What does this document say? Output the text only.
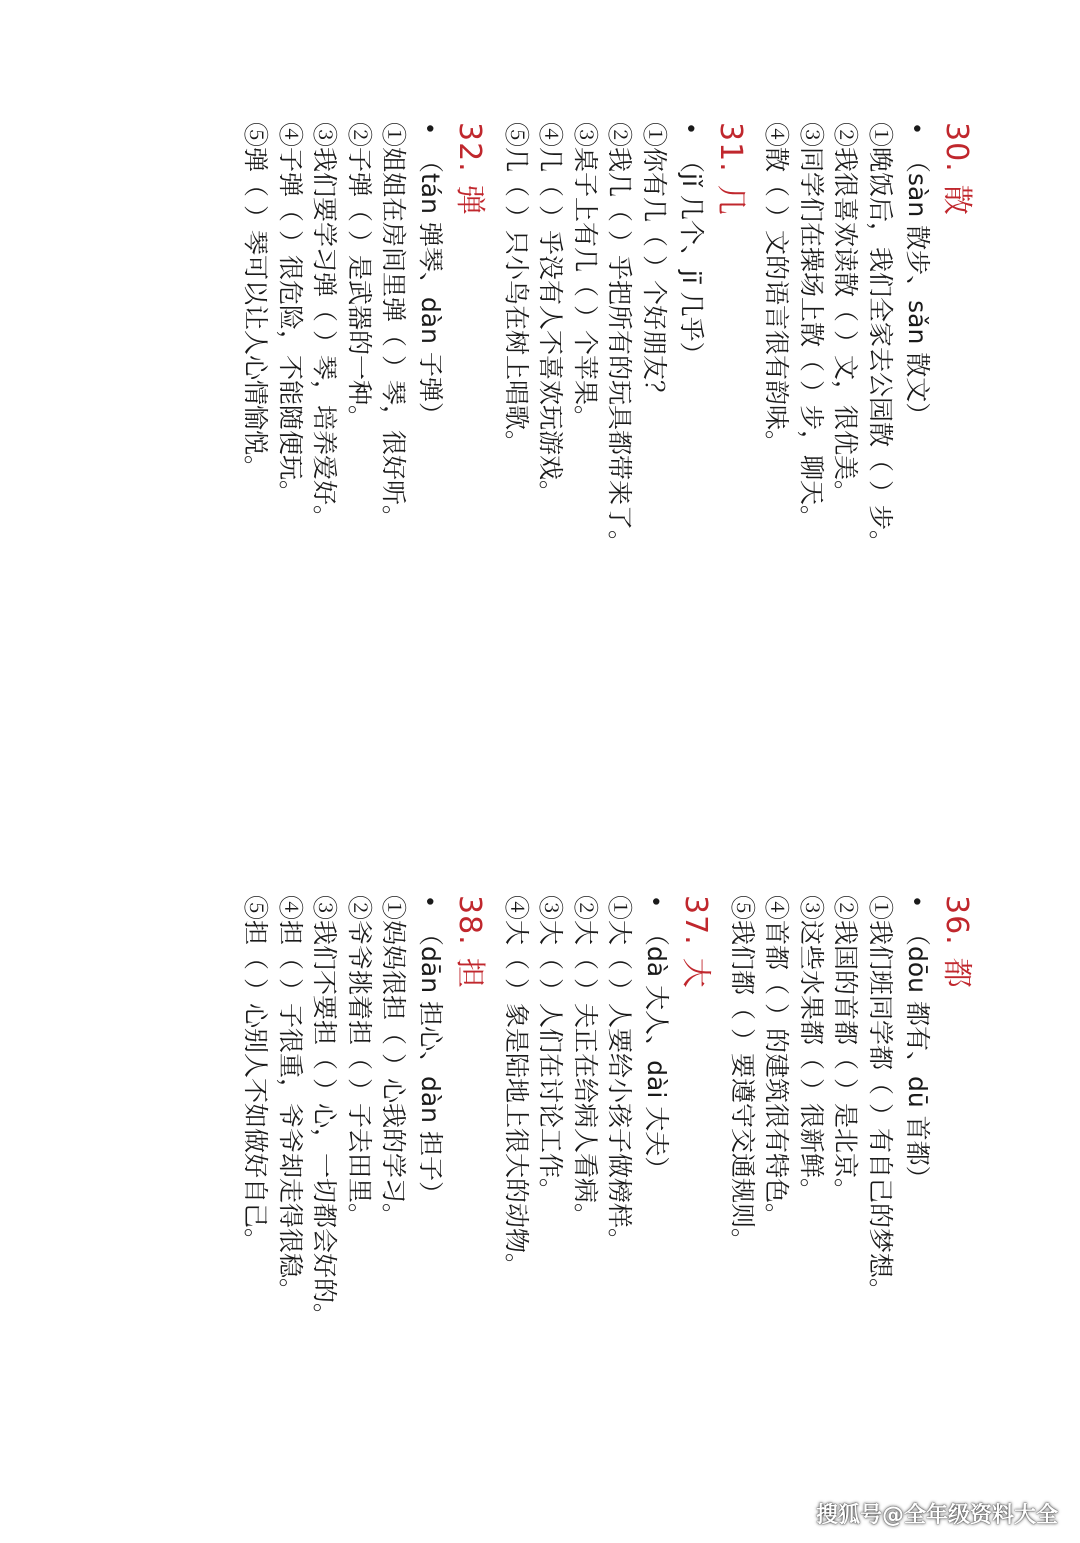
30.散
•（sàn 散步、sǎn 散文）
①晚饭后，我们全家去公园散（ ）步。
②我很喜欢读散（ ）文，很优美。
③同学们在操场上散（ ）步，聊天。
④散（ ）文的语言很有韵味。
31.几
•（jǐ 几个、jī 几乎）
①你有几（ ）个好朋友？
②我几（ ）乎把所有的玩具都带来了。
③桌子上有几（ ）个苹果。
④几（ ）乎没有人不喜欢玩游戏。
⑤几（ ）只小鸟在树上唱歌。
32.弹
•（tán 弹琴、dàn 子弹）
①姐姐在房间里弹（ ）琴，很好听。
②子弹（ ）是武器的一种。
③我们要学习弹（ ）琴，培养爱好。
④子弹（ ）很危险，不能随便玩。
⑤弹（ ）琴可以让人心情愉悦。
36.都
•（dōu 都有、dū 首都）
①我们班同学都（ ）有自己的梦想。
②我国的首都（ ）是北京。
③这些水果都（ ）很新鲜。
④首都（ ）的建筑很有特色。
⑤我们都（ ）要遵守交通规则。
37.大
•（dà 大人、dài 大夫）
①大（ ）人要给小孩子做榜样。
②大（ ）夫正在给病人看病。
③大（ ）人们在讨论工作。
④大（ ）象是陆地上很大的动物。
38.担
•（dān 担心、dàn 担子）
①妈妈很担（ ）心我的学习。
②爷爷挑着担（ ）子去田里。
③我们不要担（ ）心，一切都会好的。
④担（ ）子很重，爷爷却走得很稳。
⑤担（ ）心别人不如做好自己。
搜狐号@全年级资料大全
